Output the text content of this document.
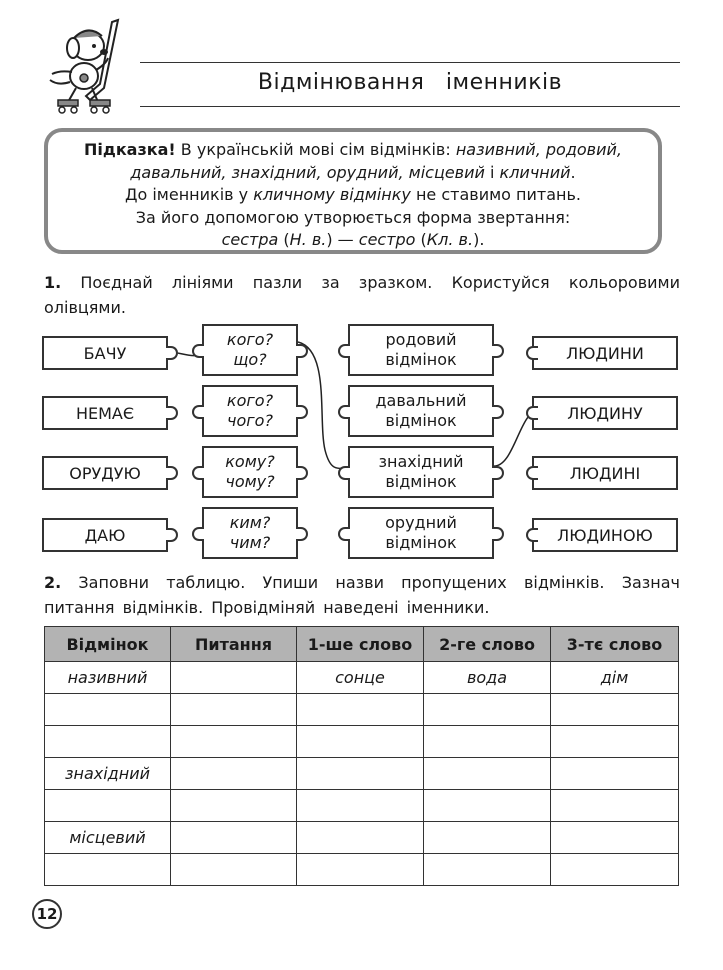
Відмінювання іменників
Підказка! В українській мові сім відмінків: називний, родовий,
давальний, знахідний, орудний, місцевий і кличний.
До іменників у кличному відмінку не ставимо питань.
За його допомогою утворюється форма звертання:
сестра (Н. в.) — сестро (Кл. в.).
1. Поєднай лініями пазли за зразком. Користуйся кольоровими олівцями.
БАЧУ
НЕМАЄ
ОРУДУЮ
ДАЮ
кого?
що?
кого?
чого?
кому?
чому?
ким?
чим?
родовий
відмінок
давальний
відмінок
знахідний
відмінок
орудний
відмінок
ЛЮДИНИ
ЛЮДИНУ
ЛЮДИНІ
ЛЮДИНОЮ
2. Заповни таблицю. Упиши назви пропущених відмінків. Зазнач питання відмінків. Провідміняй наведені іменники.
Відмінок	Питання	1-ше слово	2-ге слово	3-тє слово
називний		сонце	вода	дім

знахідний				

місцевий				

12
